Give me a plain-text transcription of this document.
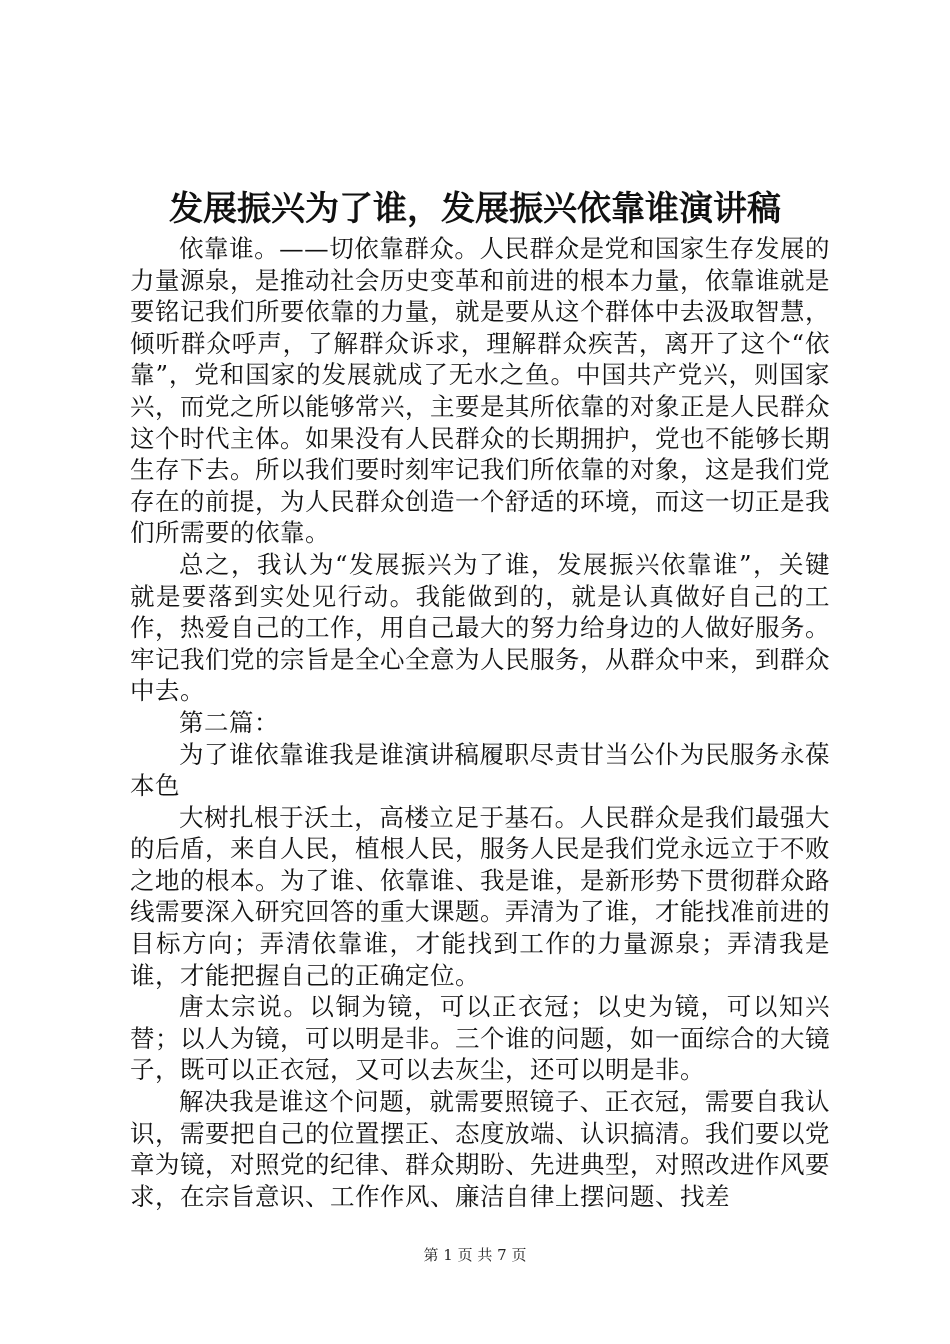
发展振兴为了谁，发展振兴依靠谁演讲稿

依靠谁。——切依靠群众。人民群众是党和国家生存发展的力量源泉，是推动社会历史变革和前进的根本力量，依靠谁就是要铭记我们所要依靠的力量，就是要从这个群体中去汲取智慧，倾听群众呼声，了解群众诉求，理解群众疾苦，离开了这个“依靠”，党和国家的发展就成了无水之鱼。中国共产党兴，则国家兴，而党之所以能够常兴，主要是其所依靠的对象正是人民群众这个时代主体。如果没有人民群众的长期拥护，党也不能够长期生存下去。所以我们要时刻牢记我们所依靠的对象，这是我们党存在的前提，为人民群众创造一个舒适的环境，而这一切正是我们所需要的依靠。

总之，我认为“发展振兴为了谁，发展振兴依靠谁”，关键就是要落到实处见行动。我能做到的，就是认真做好自己的工作，热爱自己的工作，用自己最大的努力给身边的人做好服务。牢记我们党的宗旨是全心全意为人民服务，从群众中来，到群众中去。

第二篇：

为了谁依靠谁我是谁演讲稿履职尽责甘当公仆为民服务永葆本色

大树扎根于沃土，高楼立足于基石。人民群众是我们最强大的后盾，来自人民，植根人民，服务人民是我们党永远立于不败之地的根本。为了谁、依靠谁、我是谁，是新形势下贯彻群众路线需要深入研究回答的重大课题。弄清为了谁，才能找准前进的目标方向；弄清依靠谁，才能找到工作的力量源泉；弄清我是谁，才能把握自己的正确定位。

唐太宗说。以铜为镜，可以正衣冠；以史为镜，可以知兴替；以人为镜，可以明是非。三个谁的问题，如一面综合的大镜子，既可以正衣冠，又可以去灰尘，还可以明是非。

解决我是谁这个问题，就需要照镜子、正衣冠，需要自我认识，需要把自己的位置摆正、态度放端、认识搞清。我们要以党章为镜，对照党的纪律、群众期盼、先进典型，对照改进作风要求，在宗旨意识、工作作风、廉洁自律上摆问题、找差

第 1 页 共 7 页
